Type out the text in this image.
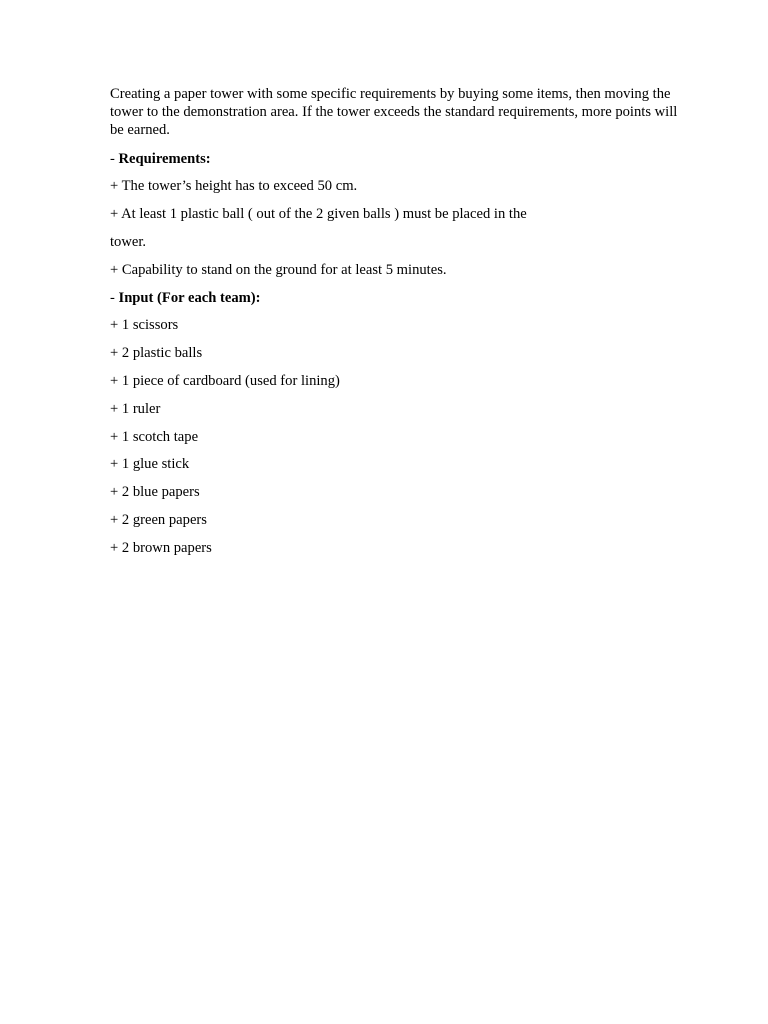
Creating a paper tower with some specific requirements by buying some items, then moving the tower to the demonstration area. If the tower exceeds the standard requirements, more points will be earned.

- Requirements:

+ The tower’s height has to exceed 50 cm.

+ At least 1 plastic ball ( out of the 2 given balls ) must be placed in the

tower.

+ Capability to stand on the ground for at least 5 minutes.

- Input (For each team):

+ 1 scissors

+ 2 plastic balls

+ 1 piece of cardboard (used for lining)

+ 1 ruler

+ 1 scotch tape

+ 1 glue stick

+ 2 blue papers

+ 2 green papers

+ 2 brown papers
